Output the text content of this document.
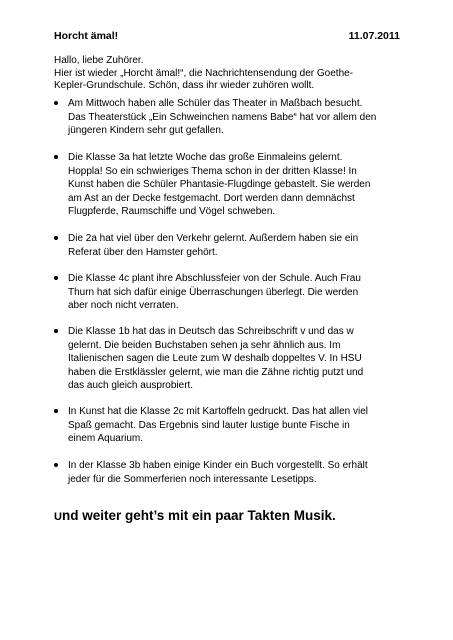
Horcht ämal!	11.07.2011
Hallo, liebe Zuhörer.
Hier ist wieder „Horcht ämal!“, die Nachrichtensendung der Goethe-
Kepler-Grundschule. Schön, dass ihr wieder zuhören wollt.
Am Mittwoch haben alle Schüler das Theater in Maßbach besucht.
Das Theaterstück „Ein Schweinchen namens Babe“ hat vor allem den
jüngeren Kindern sehr gut gefallen.
Die Klasse 3a hat letzte Woche das große Einmaleins gelernt.
Hoppla! So ein schwieriges Thema schon in der dritten Klasse! In
Kunst haben die Schüler Phantasie-Flugdinge gebastelt. Sie werden
am Ast an der Decke festgemacht. Dort werden dann demnächst
Flugpferde, Raumschiffe und Vögel schweben.
Die 2a hat viel über den Verkehr gelernt. Außerdem haben sie ein
Referat über den Hamster gehört.
Die Klasse 4c plant ihre Abschlussfeier von der Schule. Auch Frau
Thurn hat sich dafür einige Überraschungen überlegt. Die werden
aber noch nicht verraten.
Die Klasse 1b hat das in Deutsch das Schreibschrift v und das w
gelernt. Die beiden Buchstaben sehen ja sehr ähnlich aus. Im
Italienischen sagen die Leute zum W deshalb doppeltes V. In HSU
haben die Erstklässler gelernt, wie man die Zähne richtig putzt und
das auch gleich ausprobiert.
In Kunst hat die Klasse 2c mit Kartoffeln gedruckt. Das hat allen viel
Spaß gemacht. Das Ergebnis sind lauter lustige bunte Fische in
einem Aquarium.
In der Klasse 3b haben einige Kinder ein Buch vorgestellt. So erhält
jeder für die Sommerferien noch interessante Lesetipps.
Und weiter geht’s mit ein paar Takten Musik.
